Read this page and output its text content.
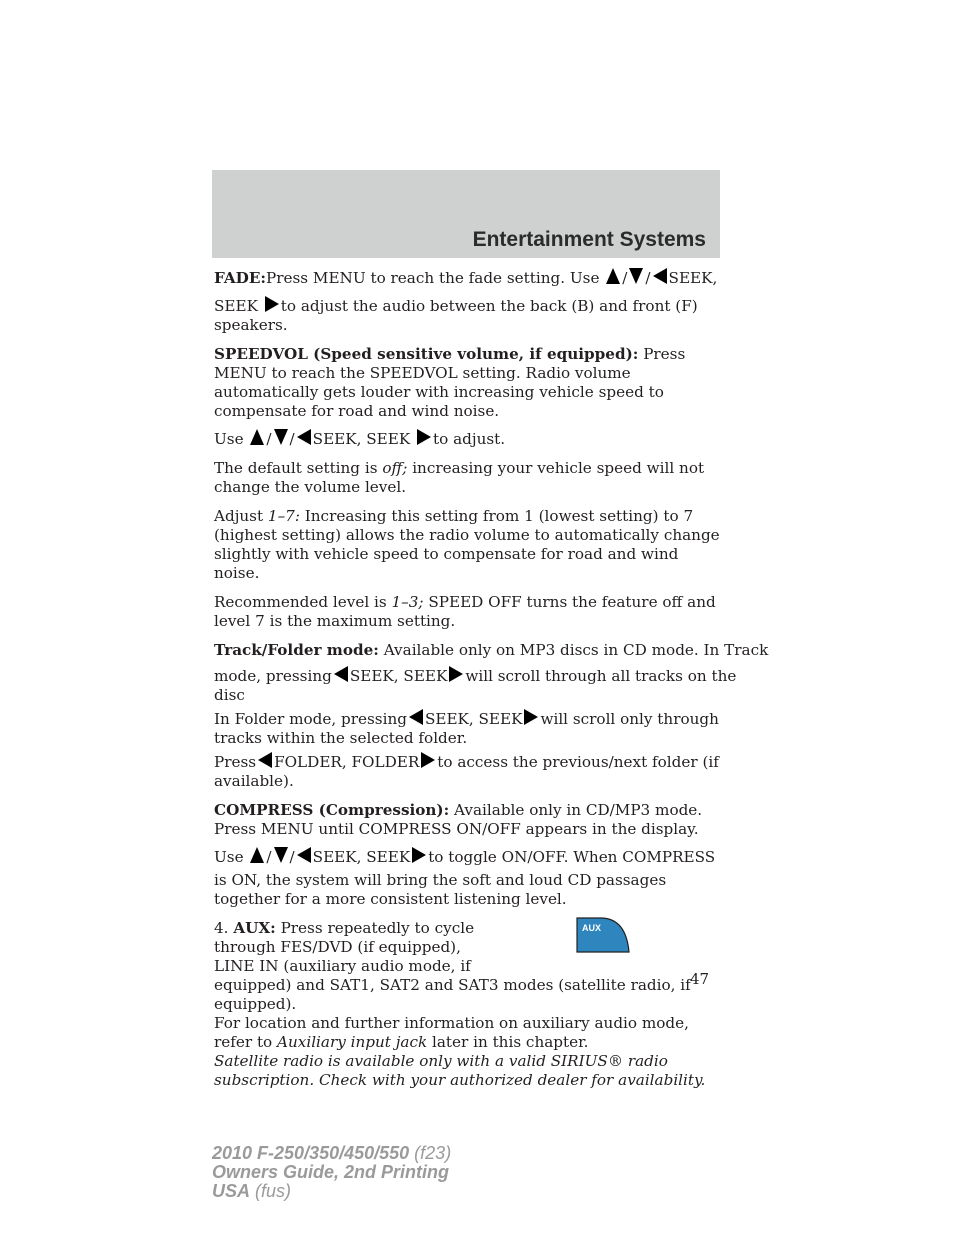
Entertainment Systems

FADE:Press MENU to reach the fade setting. Use / / SEEK,
SEEK to adjust the audio between the back (B) and front (F)
speakers.

SPEEDVOL (Speed sensitive volume, if equipped): Press MENU to reach the SPEEDVOL setting. Radio volume automatically gets louder with increasing vehicle speed to compensate for road and wind noise.

Use / / SEEK, SEEK to adjust.

The default setting is off; increasing your vehicle speed will not change the volume level.

Adjust 1–7: Increasing this setting from 1 (lowest setting) to 7 (highest setting) allows the radio volume to automatically change slightly with vehicle speed to compensate for road and wind noise.

Recommended level is 1–3; SPEED OFF turns the feature off and level 7 is the maximum setting.

Track/Folder mode: Available only on MP3 discs in CD mode. In Track
mode, pressing SEEK, SEEK will scroll through all tracks on the
disc

In Folder mode, pressing SEEK, SEEK will scroll only through
tracks within the selected folder.

Press FOLDER, FOLDER to access the previous/next folder (if
available).

COMPRESS (Compression): Available only in CD/MP3 mode. Press MENU until COMPRESS ON/OFF appears in the display.

Use / / SEEK, SEEK to toggle ON/OFF. When COMPRESS

is ON, the system will bring the soft and loud CD passages together for a more consistent listening level.

AUX

4. AUX: Press repeatedly to cycle
through FES/DVD (if equipped),
LINE IN (auxiliary audio mode, if
equipped) and SAT1, SAT2 and SAT3 modes (satellite radio, if equipped).

For location and further information on auxiliary audio mode, refer to Auxiliary input jack later in this chapter.

Satellite radio is available only with a valid SIRIUS® radio subscription. Check with your authorized dealer for availability.

47
2010 F-250/350/450/550 (f23)
Owners Guide, 2nd Printing
USA (fus)
